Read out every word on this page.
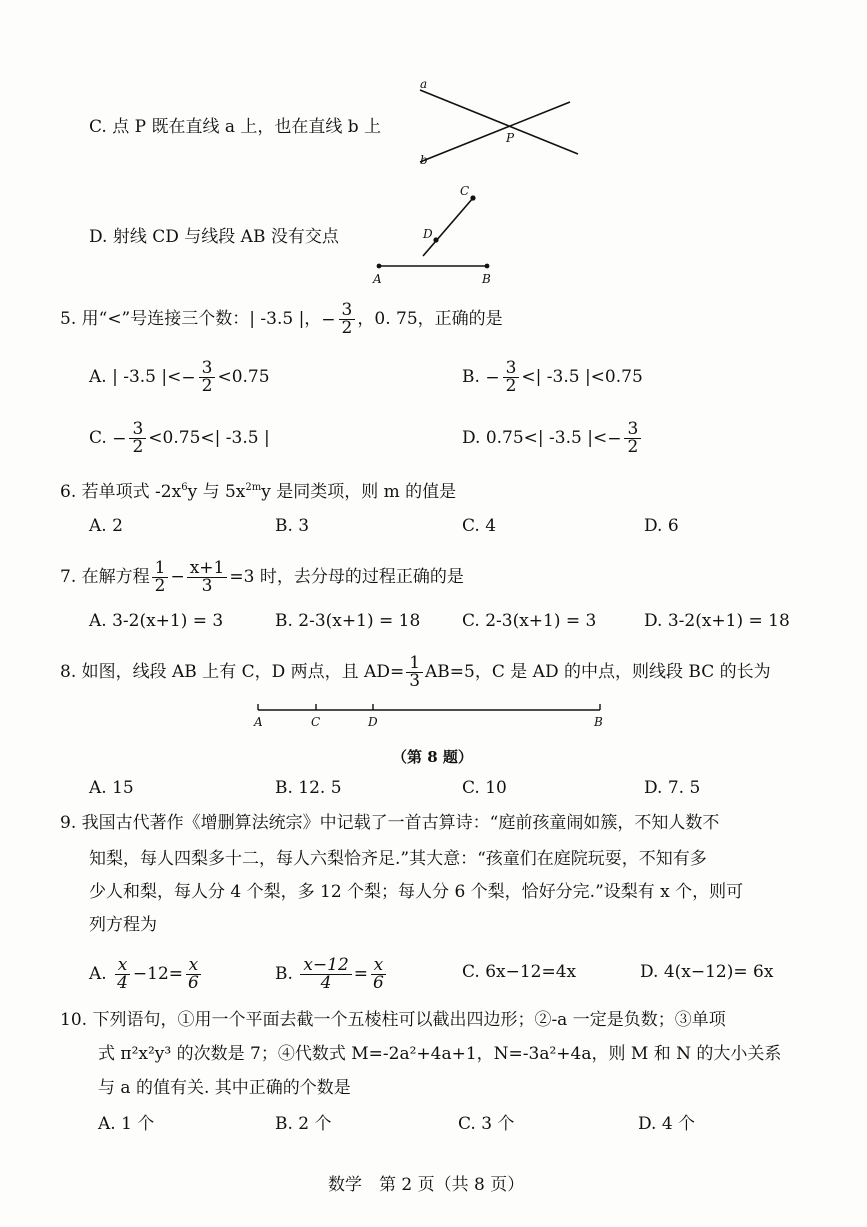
C. 点 P 既在直线 a 上，也在直线 b 上
a
b
P
D. 射线 CD 与线段 AB 没有交点
C
D
A	B
5. 用“<”号连接三个数：| -3.5 |，− $\frac{3}{2}$ ，0. 75，正确的是
A. | -3.5 |<− $\frac{3}{2} <0.75$	B. − $\frac{3}{2}$ <| -3.5 |<0.75
C. − $\frac{3}{2} <0.75<|$ -3.5 |	D. 0.75<| -3.5 |<− $\frac{3}{2}$
6. 若单项式 $-2x^6y$ 与 $5x^{2m}y$ 是同类项，则 m 的值是
A. 2	B. 3	C. 4	D. 6
7. 在解方程 $\frac{1}{2} - \frac{x+1}{3} =3$ 时，去分母的过程正确的是
A. 3-2(x+1) = 3	B. 2-3(x+1) = 18 C. 2-3(x+1) = 3	D. 3-2(x+1) = 18
8. 如图，线段 AB 上有 C，D 两点，且 $AD= \frac{1}{3} AB=5$，C 是 AD 的中点，则线段 BC 的长为
A	C	D	B
（第 8 题）
A. 15	B. 12. 5	C. 10	D. 7. 5
9. 我国古代著作《增删算法统宗》中记载了一首古算诗：“庭前孩童闹如簇，不知人数不
知梨，每人四梨多十二，每人六梨恰齐足.”其大意：“孩童们在庭院玩耍，不知有多
少人和梨，每人分 4 个梨，多 12 个梨；每人分 6 个梨，恰好分完.”设梨有 x 个，则可
列方程为
A. $\frac{x}{4} -12= \frac{x}{6}$	B. $\frac{x-12}{4} = \frac{x}{6}$	C. 6x−12=4x	D. 4(x−12)= 6x
10. 下列语句，①用一个平面去截一个五棱柱可以截出四边形；②-a 一定是负数；③单项
式 π²x²y³ 的次数是 7；④代数式 M=-2a²+4a+1，N=-3a²+4a，则 M 和 N 的大小关系
与 a 的值有关. 其中正确的个数是
A. 1 个	B. 2 个	C. 3 个	D. 4 个
数学　第 2 页（共 8 页）
